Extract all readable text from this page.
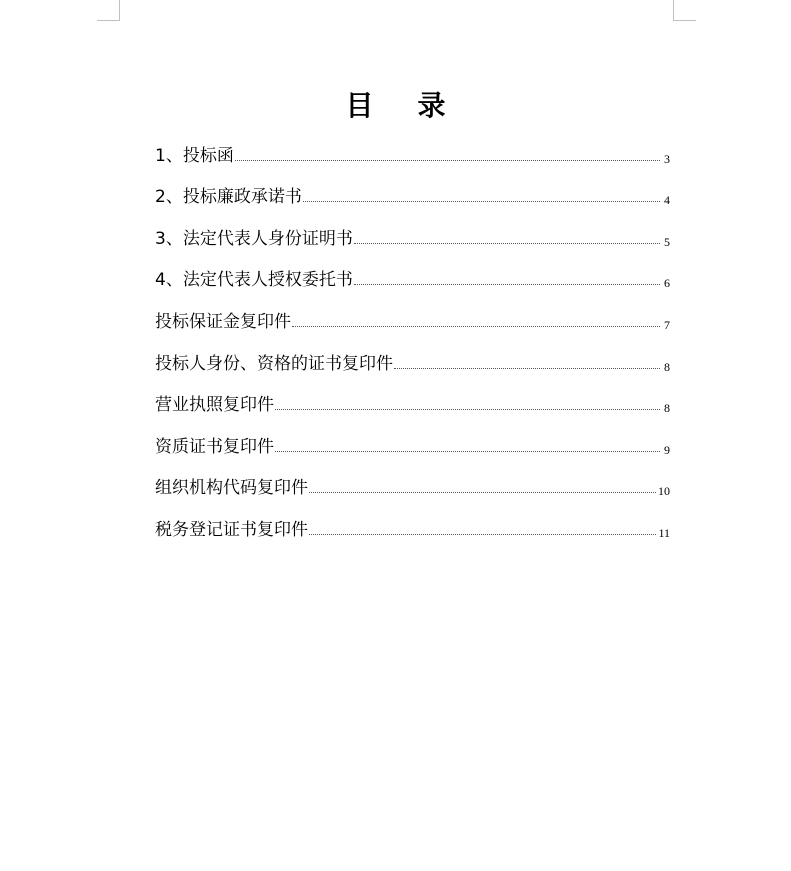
目 录
1、投标函	3
2、投标廉政承诺书	4
3、法定代表人身份证明书	5
4、法定代表人授权委托书	6
投标保证金复印件	7
投标人身份、资格的证书复印件	8
营业执照复印件	8
资质证书复印件	9
组织机构代码复印件	10
税务登记证书复印件	11
